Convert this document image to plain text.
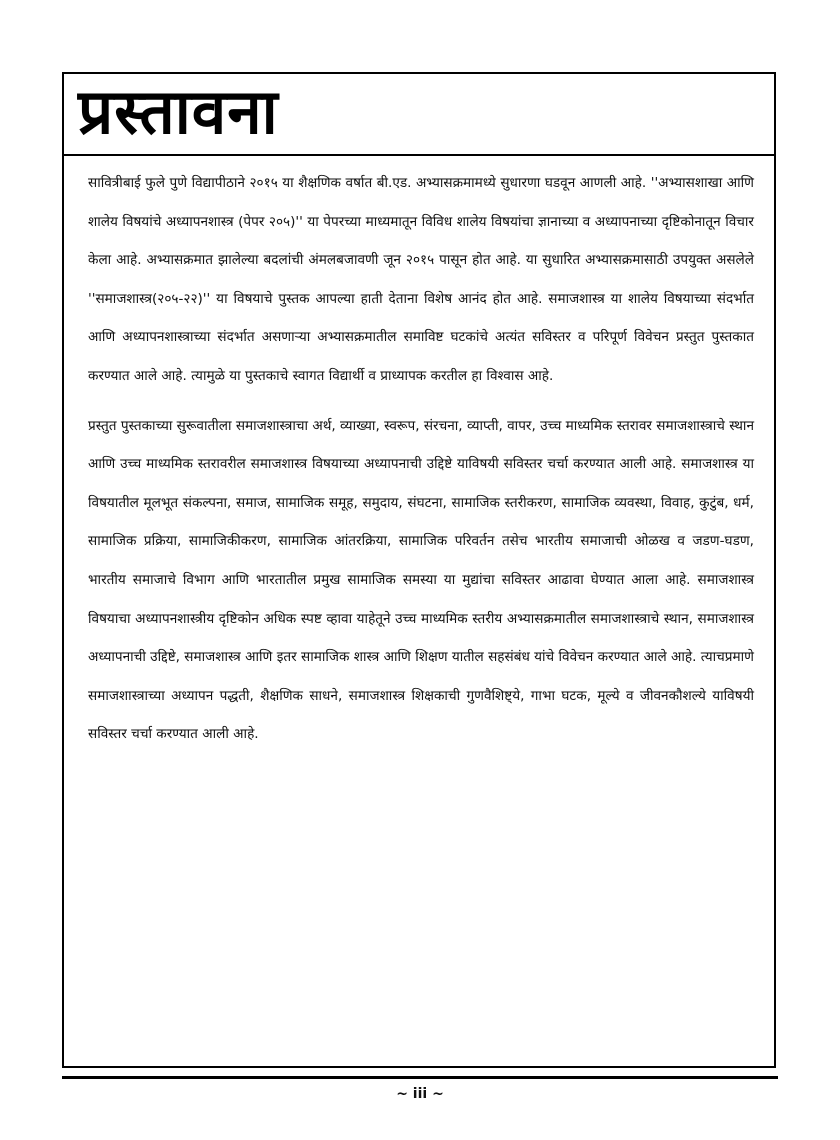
प्रस्तावना

सावित्रीबाई फुले पुणे विद्यापीठाने २०१५ या शैक्षणिक वर्षात बी.एड. अभ्यासक्रमामध्ये सुधारणा घडवून आणली आहे. ''अभ्यासशाखा आणि शालेय विषयांचे अध्यापनशास्त्र (पेपर २०५)'' या पेपरच्या माध्यमातून विविध शालेय विषयांचा ज्ञानाच्या व अध्यापनाच्या दृष्टिकोनातून विचार केला आहे. अभ्यासक्रमात झालेल्या बदलांची अंमलबजावणी जून २०१५ पासून होत आहे. या सुधारित अभ्यासक्रमासाठी उपयुक्त असलेले ''समाजशास्त्र(२०५-२२)'' या विषयाचे पुस्तक आपल्या हाती देताना विशेष आनंद होत आहे. समाजशास्त्र या शालेय विषयाच्या संदर्भात आणि अध्यापनशास्त्राच्या संदर्भात असणाऱ्या अभ्यासक्रमातील समाविष्ट घटकांचे अत्यंत सविस्तर व परिपूर्ण विवेचन प्रस्तुत पुस्तकात करण्यात आले आहे. त्यामुळे या पुस्तकाचे स्वागत विद्यार्थी व प्राध्यापक करतील हा विश्वास आहे.

प्रस्तुत पुस्तकाच्या सुरूवातीला समाजशास्त्राचा अर्थ, व्याख्या, स्वरूप, संरचना, व्याप्ती, वापर, उच्च माध्यमिक स्तरावर समाजशास्त्राचे स्थान आणि उच्च माध्यमिक स्तरावरील समाजशास्त्र विषयाच्या अध्यापनाची उद्दिष्टे याविषयी सविस्तर चर्चा करण्यात आली आहे. समाजशास्त्र या विषयातील मूलभूत संकल्पना, समाज, सामाजिक समूह, समुदाय, संघटना, सामाजिक स्तरीकरण, सामाजिक व्यवस्था, विवाह, कुटुंब, धर्म, सामाजिक प्रक्रिया, सामाजिकीकरण, सामाजिक आंतरक्रिया, सामाजिक परिवर्तन तसेच भारतीय समाजाची ओळख व जडण-घडण, भारतीय समाजाचे विभाग आणि भारतातील प्रमुख सामाजिक समस्या या मुद्यांचा सविस्तर आढावा घेण्यात आला आहे. समाजशास्त्र विषयाचा अध्यापनशास्त्रीय दृष्टिकोन अधिक स्पष्ट व्हावा याहेतूने उच्च माध्यमिक स्तरीय अभ्यासक्रमातील समाजशास्त्राचे स्थान, समाजशास्त्र अध्यापनाची उद्दिष्टे, समाजशास्त्र आणि इतर सामाजिक शास्त्र आणि शिक्षण यातील सहसंबंध यांचे विवेचन करण्यात आले आहे. त्याचप्रमाणे समाजशास्त्राच्या अध्यापन पद्धती, शैक्षणिक साधने, समाजशास्त्र शिक्षकाची गुणवैशिष्ट्ये, गाभा घटक, मूल्ये व जीवनकौशल्ये याविषयी सविस्तर चर्चा करण्यात आली आहे.

~ iii ~
